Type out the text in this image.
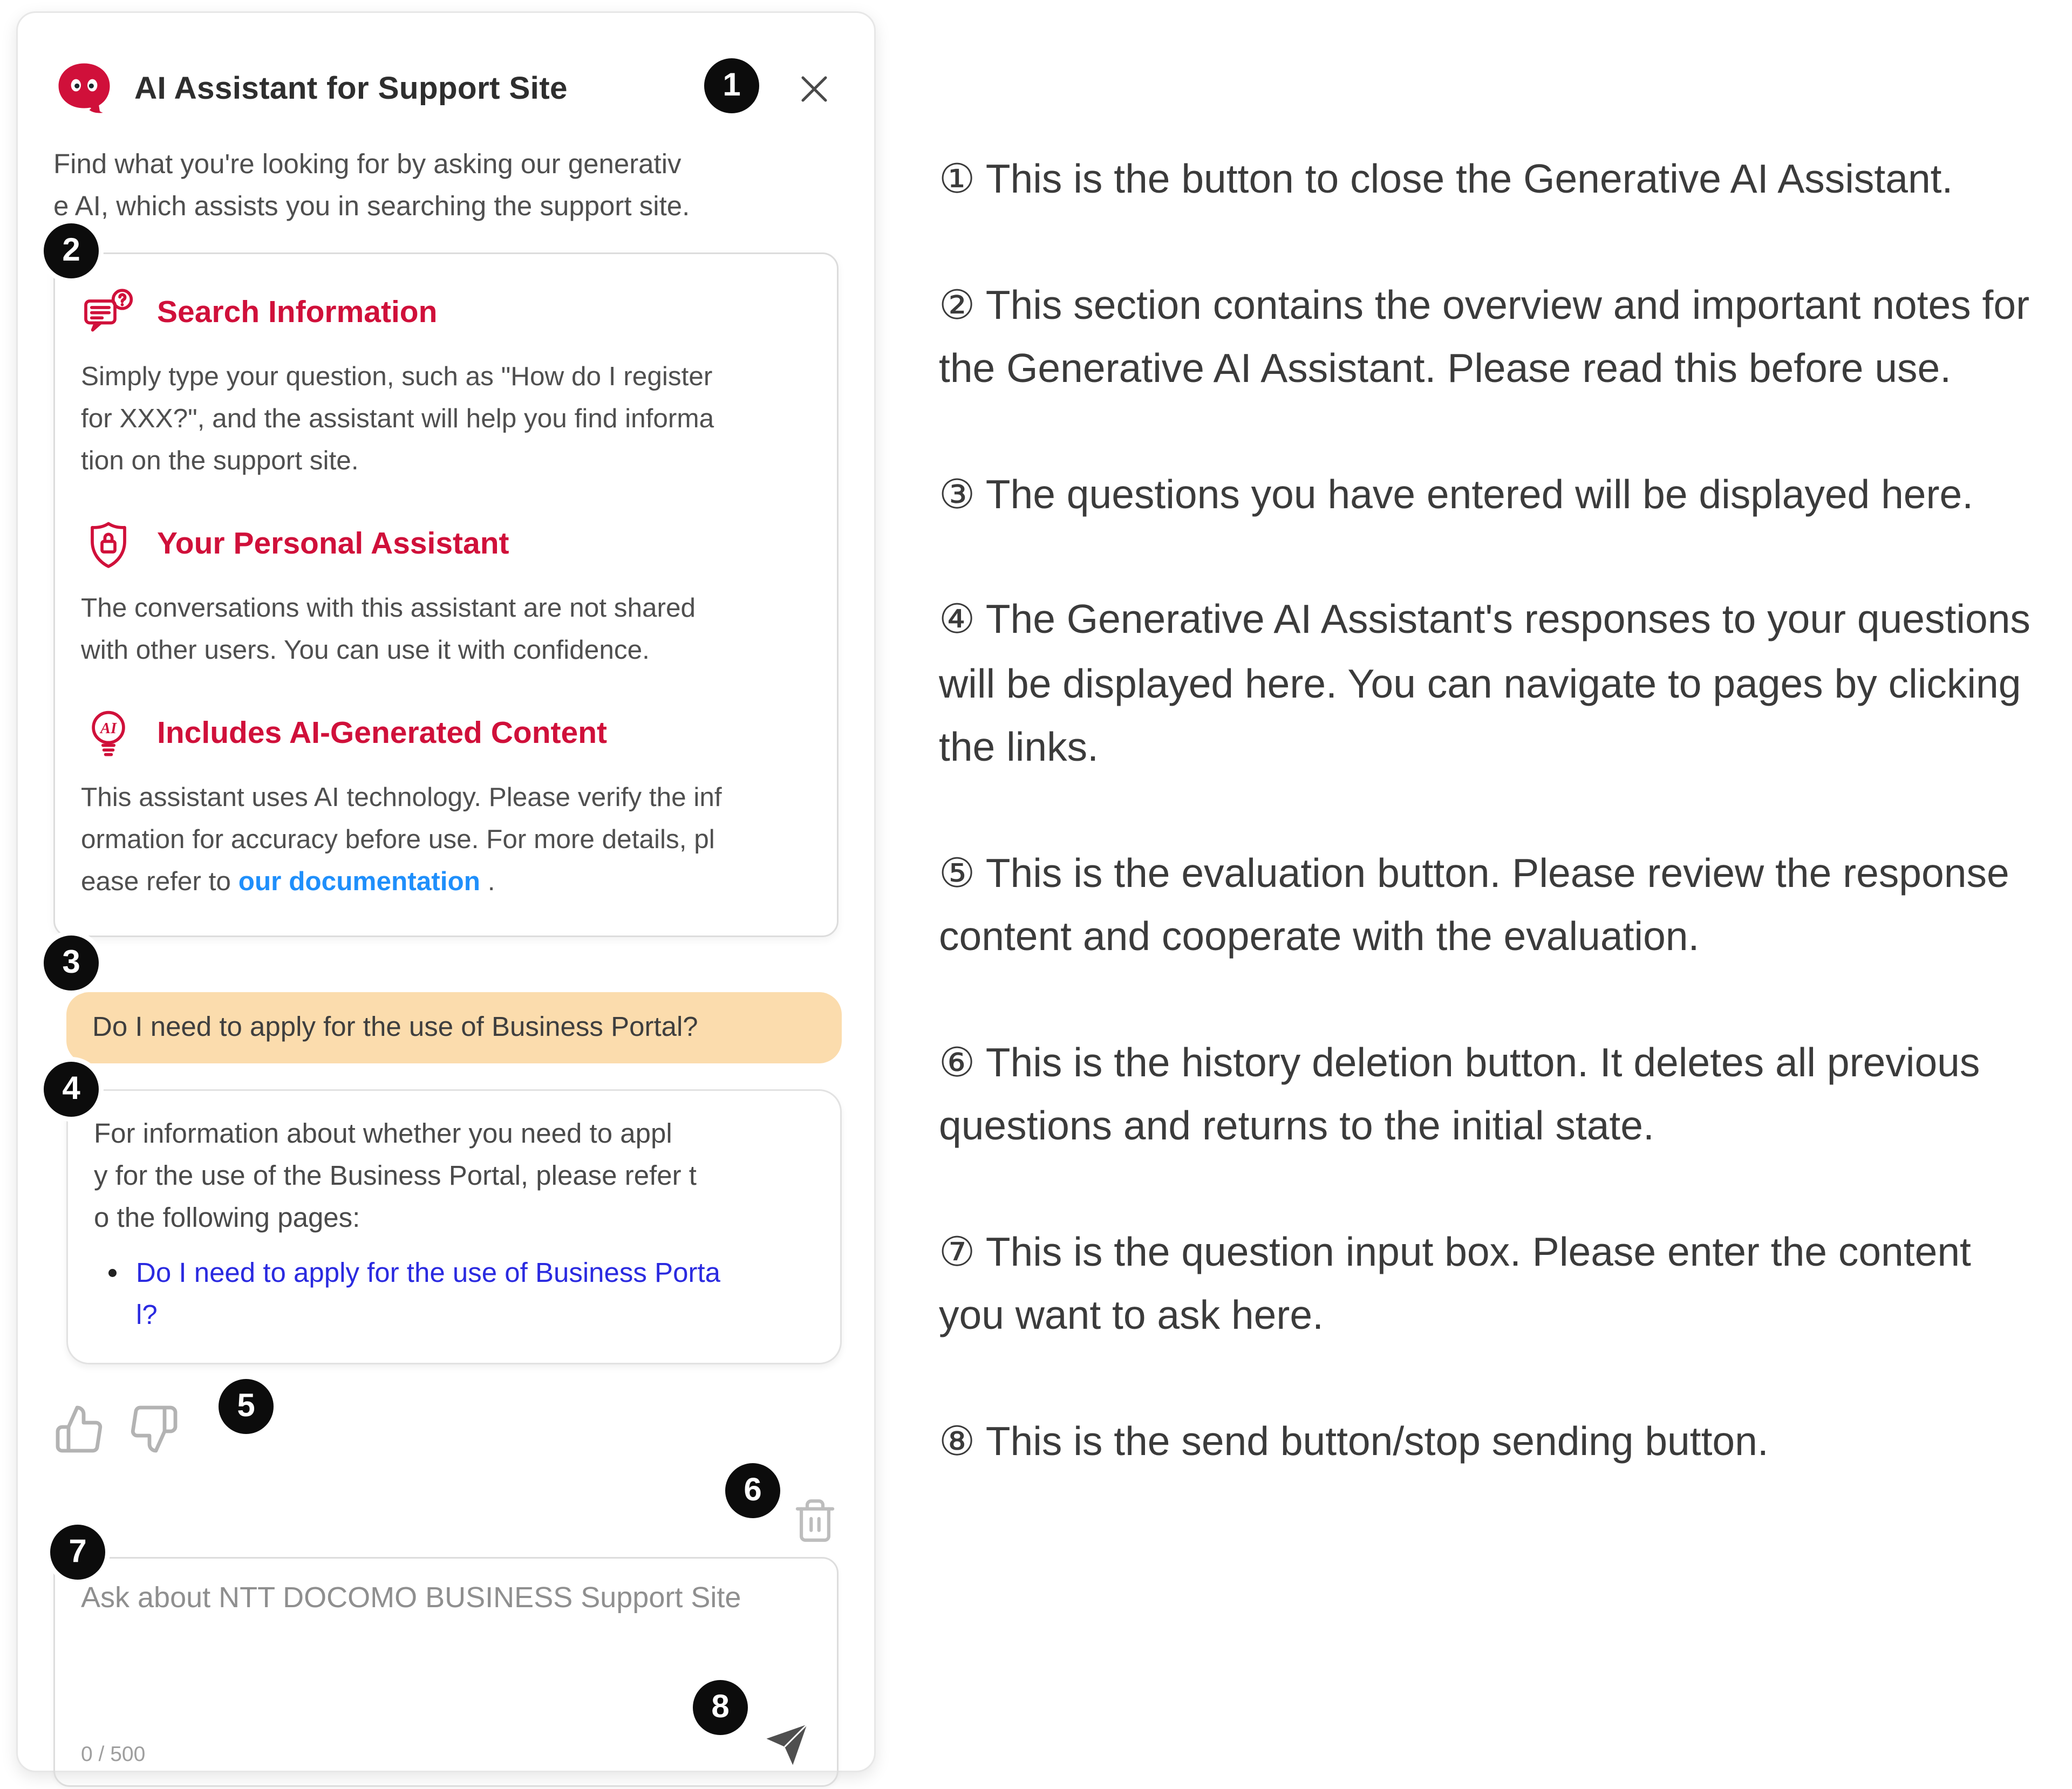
AI Assistant for Support Site
Find what you're looking for by asking our generativ
e AI, which assists you in searching the support site.
Search Information
Simply type your question, such as "How do I register
for XXX?", and the assistant will help you find informa
tion on the support site.
Your Personal Assistant
The conversations with this assistant are not shared
with other users. You can use it with confidence.
AI	Includes AI-Generated Content
This assistant uses AI technology. Please verify the inf
ormation for accuracy before use. For more details, pl
ease refer to our documentation .
Do I need to apply for the use of Business Portal?
For information about whether you need to appl
y for the use of the Business Portal, please refer t
o the following pages:
• Do I need to apply for the use of Business Porta
l?
Ask about NTT DOCOMO BUSINESS Support Site
0 / 500
1
2
3
4
5
6
7
8

① This is the button to close the Generative AI Assistant.

② This section contains the overview and important notes for the Generative AI Assistant. Please read this before use.

③ The questions you have entered will be displayed here.

④ The Generative AI Assistant's responses to your questions will be displayed here. You can navigate to pages by clicking the links.

⑤ This is the evaluation button. Please review the response content and cooperate with the evaluation.

⑥ This is the history deletion button. It deletes all previous questions and returns to the initial state.

⑦ This is the question input box. Please enter the content you want to ask here.

⑧ This is the send button/stop sending button.
